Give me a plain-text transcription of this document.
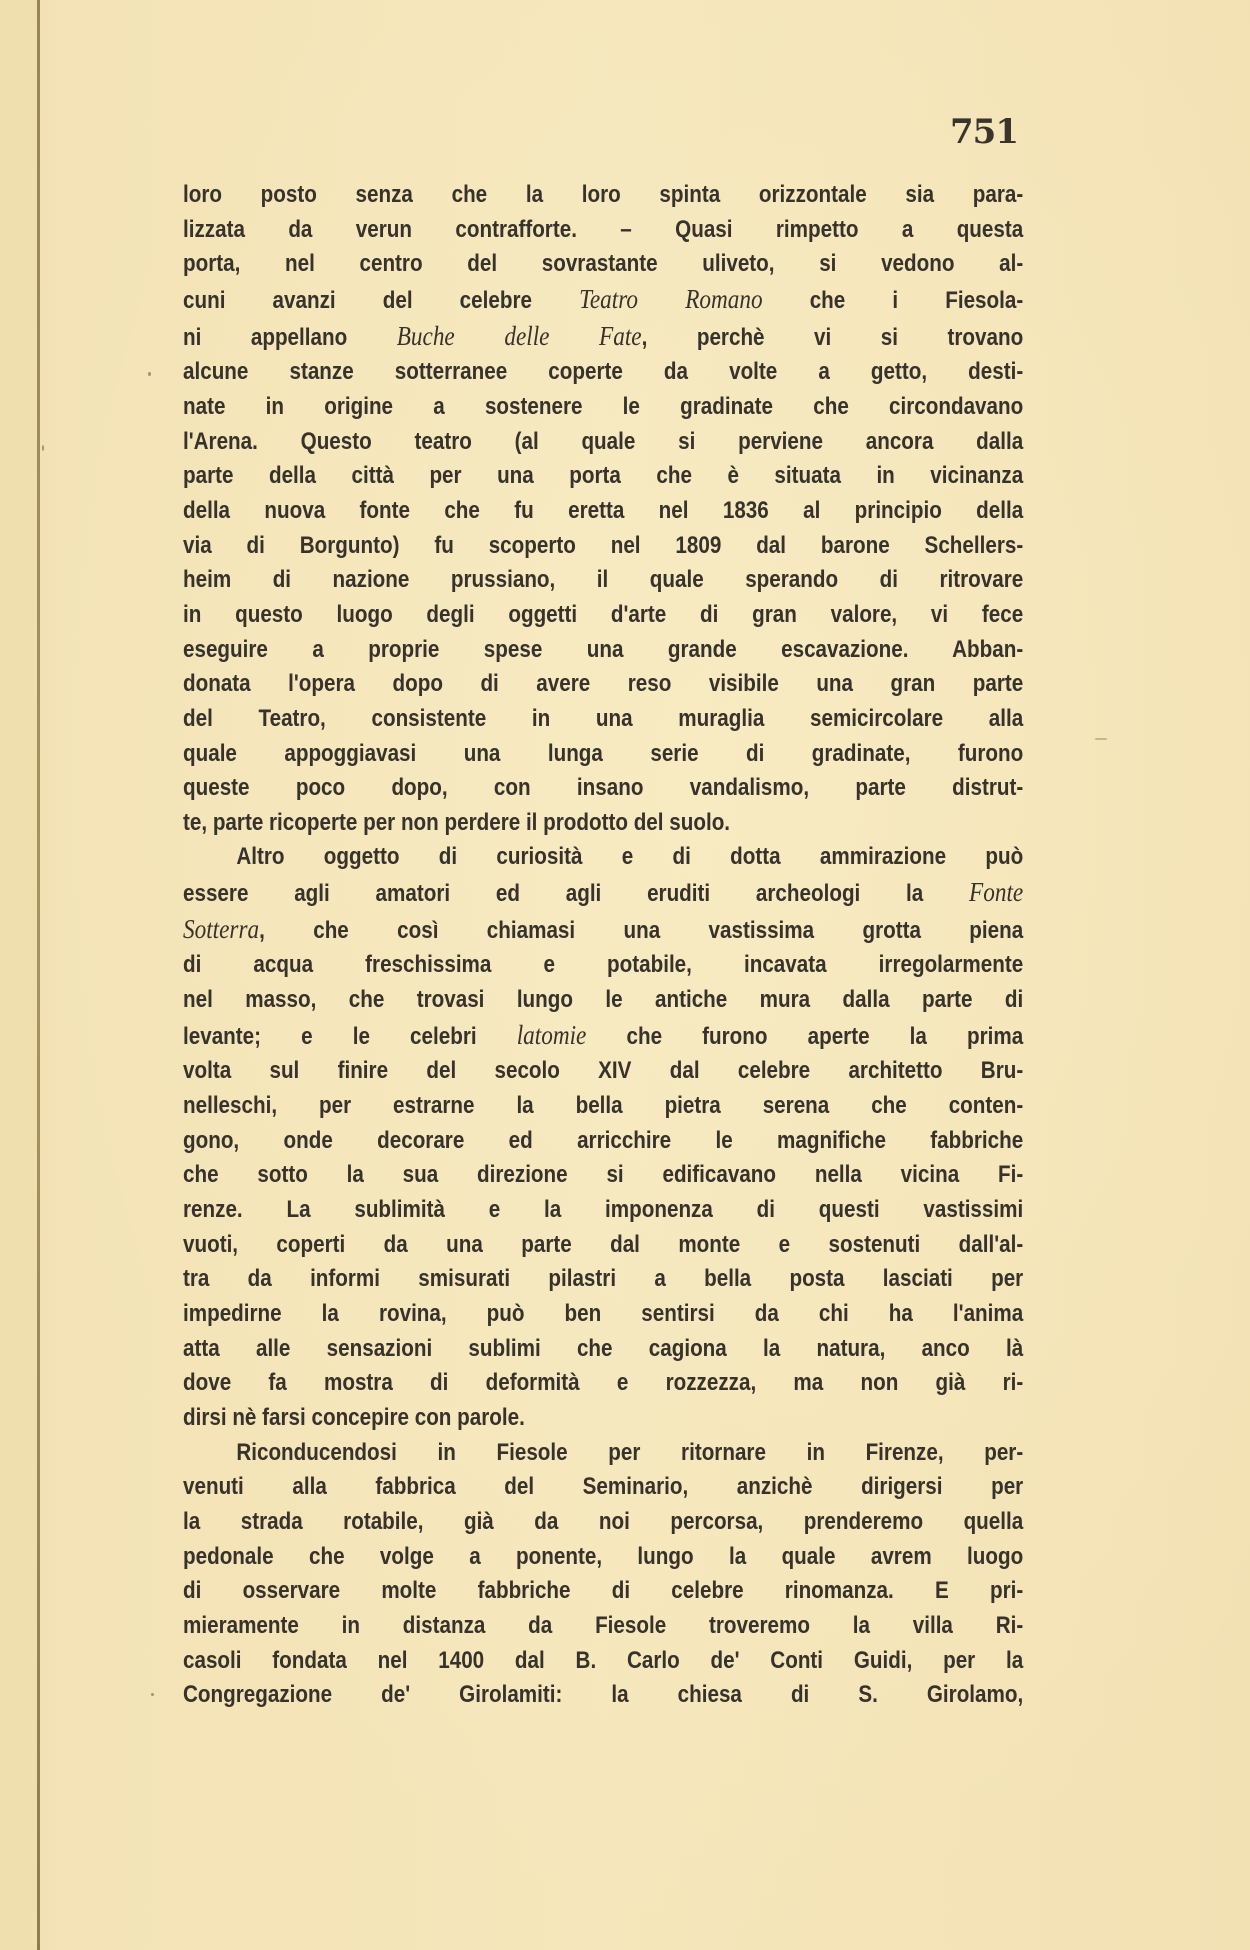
751
loro posto senza che la loro spinta orizzontale sia para-
lizzata da verun contrafforte. – Quasi rimpetto a questa
porta, nel centro del sovrastante uliveto, si vedono al-
cuni avanzi del celebre Teatro Romano che i Fiesola-
ni appellano Buche delle Fate, perchè vi si trovano
alcune stanze sotterranee coperte da volte a getto, desti-
nate in origine a sostenere le gradinate che circondavano
l'Arena. Questo teatro (al quale si perviene ancora dalla
parte della città per una porta che è situata in vicinanza
della nuova fonte che fu eretta nel 1836 al principio della
via di Borgunto) fu scoperto nel 1809 dal barone Schellers-
heim di nazione prussiano, il quale sperando di ritrovare
in questo luogo degli oggetti d'arte di gran valore, vi fece
eseguire a proprie spese una grande escavazione. Abban-
donata l'opera dopo di avere reso visibile una gran parte
del Teatro, consistente in una muraglia semicircolare alla
quale appoggiavasi una lunga serie di gradinate, furono
queste poco dopo, con insano vandalismo, parte distrut-
te, parte ricoperte per non perdere il prodotto del suolo.
Altro oggetto di curiosità e di dotta ammirazione può
essere agli amatori ed agli eruditi archeologi la Fonte
Sotterra, che così chiamasi una vastissima grotta piena
di acqua freschissima e potabile, incavata irregolarmente
nel masso, che trovasi lungo le antiche mura dalla parte di
levante; e le celebri latomie che furono aperte la prima
volta sul finire del secolo XIV dal celebre architetto Bru-
nelleschi, per estrarne la bella pietra serena che conten-
gono, onde decorare ed arricchire le magnifiche fabbriche
che sotto la sua direzione si edificavano nella vicina Fi-
renze. La sublimità e la imponenza di questi vastissimi
vuoti, coperti da una parte dal monte e sostenuti dall'al-
tra da informi smisurati pilastri a bella posta lasciati per
impedirne la rovina, può ben sentirsi da chi ha l'anima
atta alle sensazioni sublimi che cagiona la natura, anco là
dove fa mostra di deformità e rozzezza, ma non già ri-
dirsi nè farsi concepire con parole.
Riconducendosi in Fiesole per ritornare in Firenze, per-
venuti alla fabbrica del Seminario, anzichè dirigersi per
la strada rotabile, già da noi percorsa, prenderemo quella
pedonale che volge a ponente, lungo la quale avrem luogo
di osservare molte fabbriche di celebre rinomanza. E pri-
mieramente in distanza da Fiesole troveremo la villa Ri-
casoli fondata nel 1400 dal B. Carlo de' Conti Guidi, per la
Congregazione de' Girolamiti: la chiesa di S. Girolamo,
